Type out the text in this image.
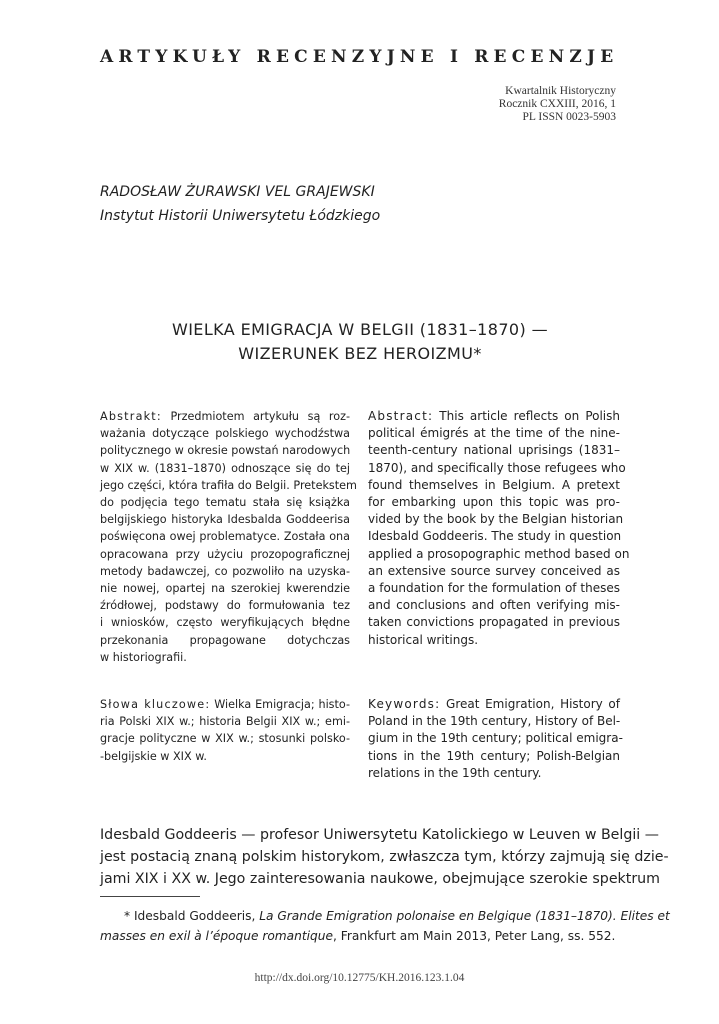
ARTYKUŁY RECENZYJNE I RECENZJE
Kwartalnik Historyczny
Rocznik CXXIII, 2016, 1
PL ISSN 0023-5903
RADOSŁAW ŻURAWSKI VEL GRAJEWSKI
Instytut Historii Uniwersytetu Łódzkiego
WIELKA EMIGRACJA W BELGII (1831–1870) —
WIZERUNEK BEZ HEROIZMU*
Abstrakt: Przedmiotem artykułu są roz-
ważania dotyczące polskiego wychodźstwa
politycznego w okresie powstań narodowych
w XIX w. (1831–1870) odnoszące się do tej
jego części, która trafiła do Belgii. Pretekstem
do podjęcia tego tematu stała się książka
belgijskiego historyka Idesbalda Goddeerisa
poświęcona owej problematyce. Została ona
opracowana przy użyciu prozopograficznej
metody badawczej, co pozwoliło na uzyska-
nie nowej, opartej na szerokiej kwerendzie
źródłowej, podstawy do formułowania tez
i wniosków, często weryfikujących błędne
przekonania propagowane dotychczas
w historiografii.
Abstract: This article reflects on Polish
political émigrés at the time of the nine-
teenth-century national uprisings (1831–
1870), and specifically those refugees who
found themselves in Belgium. A pretext
for embarking upon this topic was pro-
vided by the book by the Belgian historian
Idesbald Goddeeris. The study in question
applied a prosopographic method based on
an extensive source survey conceived as
a foundation for the formulation of theses
and conclusions and often verifying mis-
taken convictions propagated in previous
historical writings.
Słowa kluczowe: Wielka Emigracja; histo-
ria Polski XIX w.; historia Belgii XIX w.; emi-
gracje polityczne w XIX w.; stosunki polsko-
-belgijskie w XIX w.
Keywords: Great Emigration, History of
Poland in the 19th century, History of Bel-
gium in the 19th century; political emigra-
tions in the 19th century; Polish-Belgian
relations in the 19th century.
Idesbald Goddeeris — profesor Uniwersytetu Katolickiego w Leuven w Belgii —
jest postacią znaną polskim historykom, zwłaszcza tym, którzy zajmują się dzie-
jami XIX i XX w. Jego zainteresowania naukowe, obejmujące szerokie spektrum
* Idesbald Goddeeris, La Grande Emigration polonaise en Belgique (1831–1870). Elites et
masses en exil à l’époque romantique, Frankfurt am Main 2013, Peter Lang, ss. 552.
http://dx.doi.org/10.12775/KH.2016.123.1.04
